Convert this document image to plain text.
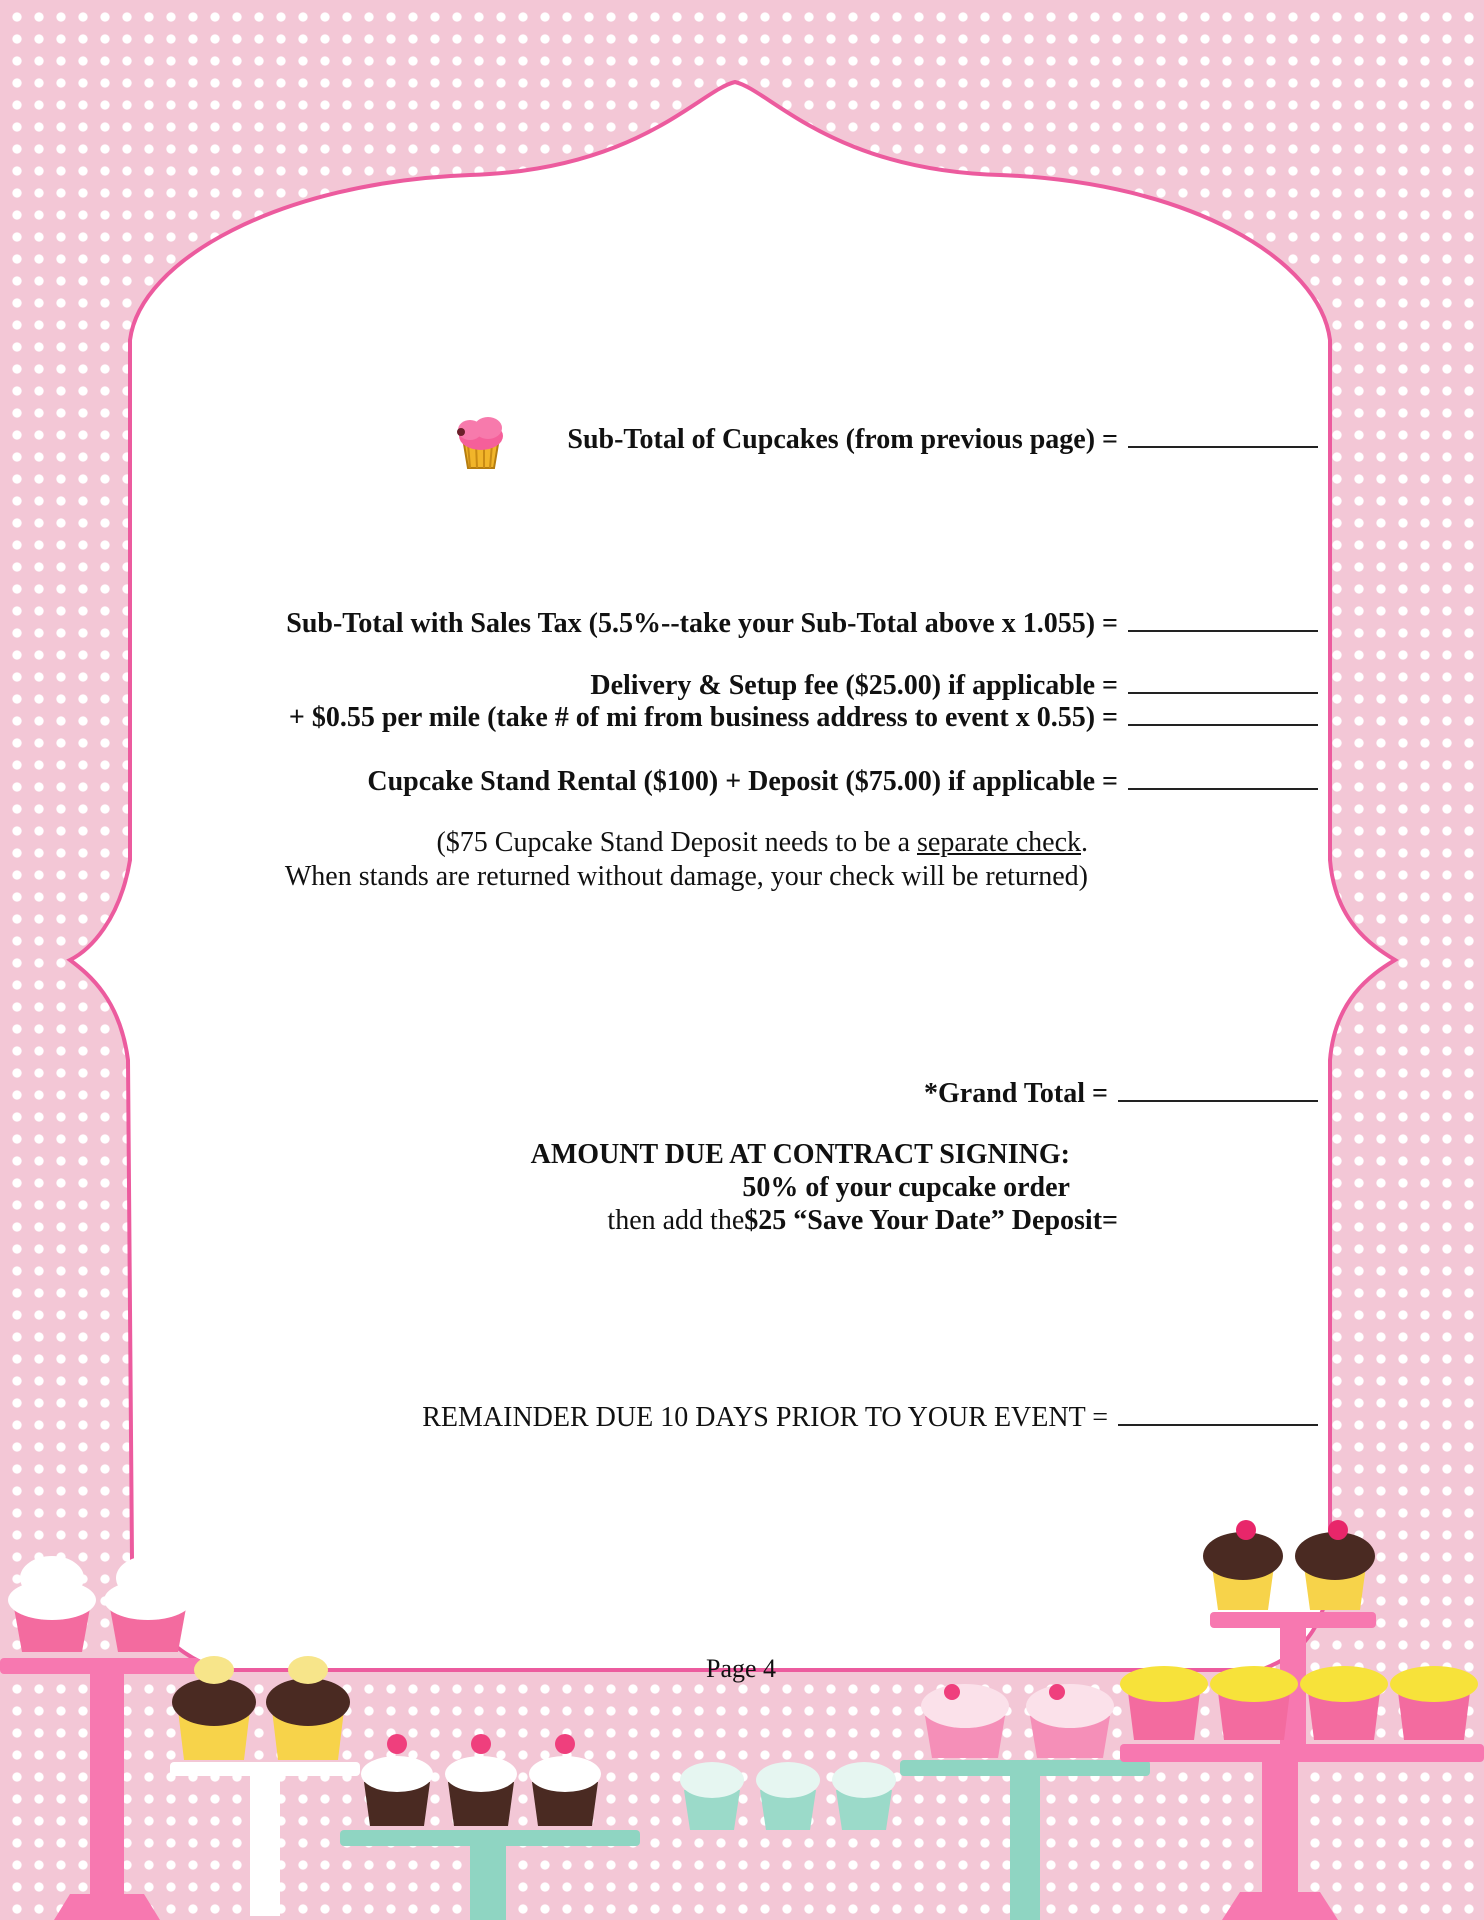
Sub-Total of Cupcakes (from previous page) =
Sub-Total with Sales Tax (5.5%--take your Sub-Total above x 1.055) =
Delivery & Setup fee ($25.00) if applicable =
+ $0.55 per mile (take # of mi from business address to event x 0.55) =
Cupcake Stand Rental ($100) + Deposit ($75.00) if applicable =
($75 Cupcake Stand Deposit needs to be a separate check.
When stands are returned without damage, your check will be returned)
*Grand Total =
AMOUNT DUE AT CONTRACT SIGNING:
50% of your cupcake order
then add the $25 “Save Your Date” Deposit =
REMAINDER DUE 10 DAYS PRIOR TO YOUR EVENT =
Page 4
